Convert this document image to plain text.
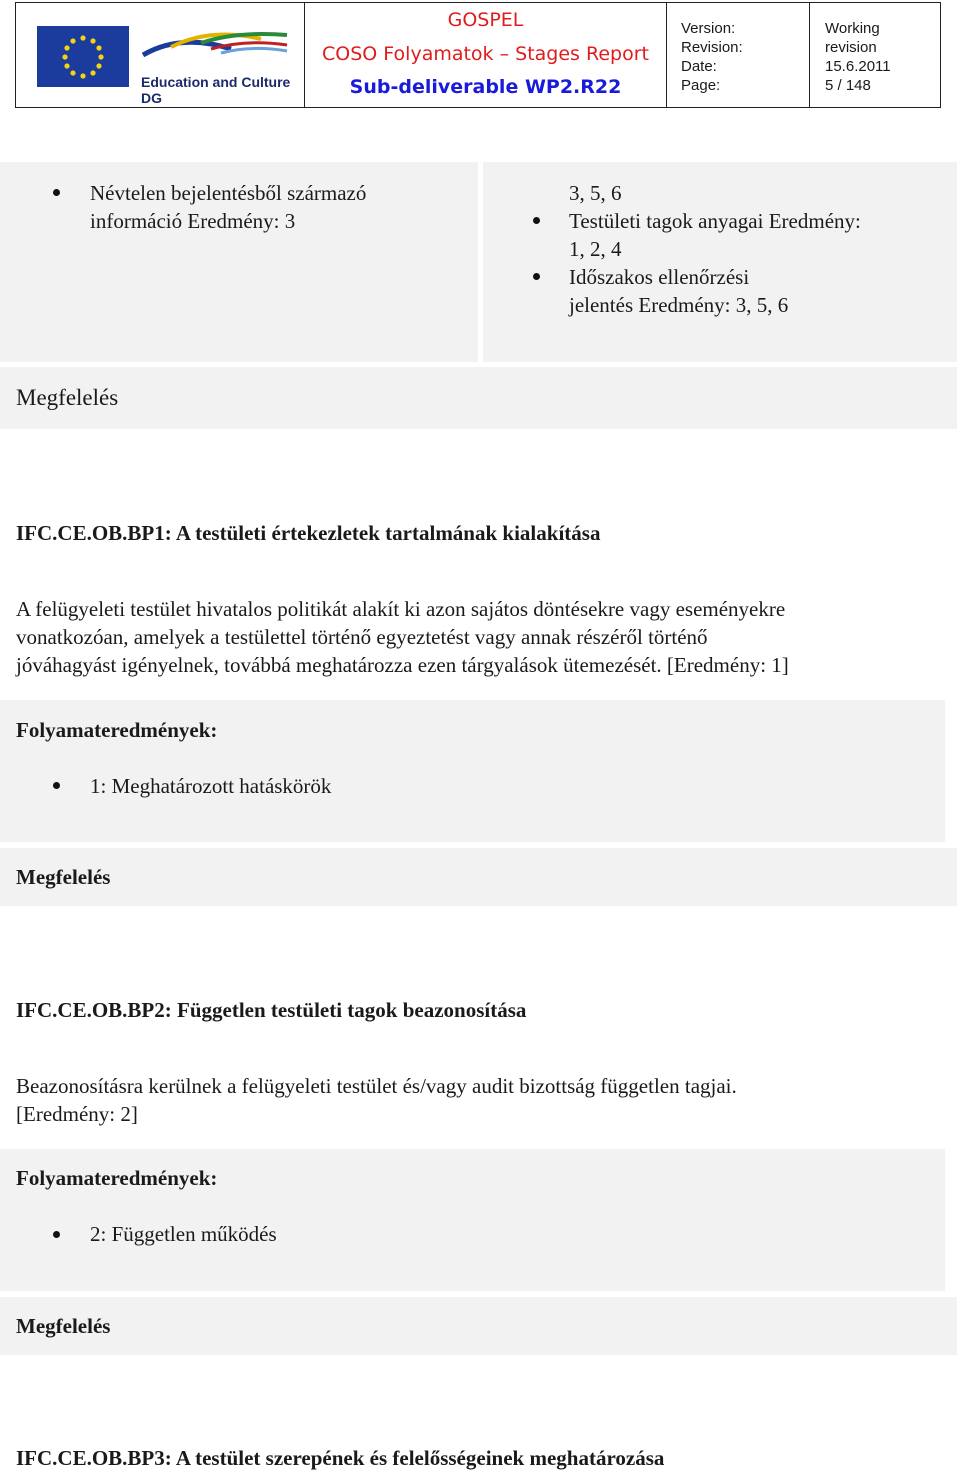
Education and Culture DG
GOSPEL
COSO Folyamatok – Stages Report
Sub-deliverable WP2.R22
Version:
Revision:
Date:
Page:
Working
revision
15.6.2011
5 / 148
Névtelen bejelentésből származó
információ Eredmény: 3
3, 5, 6
Testületi tagok anyagai Eredmény:
1, 2, 4
Időszakos ellenőrzési
jelentés Eredmény: 3, 5, 6
Megfelelés
IFC.CE.OB.BP1: A testületi értekezletek tartalmának kialakítása
A felügyeleti testület hivatalos politikát alakít ki azon sajátos döntésekre vagy eseményekre
vonatkozóan, amelyek a testülettel történő egyeztetést vagy annak részéről történő
jóváhagyást igényelnek, továbbá meghatározza ezen tárgyalások ütemezését. [Eredmény: 1]
Folyamateredmények:
1: Meghatározott hatáskörök
Megfelelés
IFC.CE.OB.BP2: Független testületi tagok beazonosítása
Beazonosításra kerülnek a felügyeleti testület és/vagy audit bizottság független tagjai.
[Eredmény: 2]
Folyamateredmények:
2: Független működés
Megfelelés
IFC.CE.OB.BP3: A testület szerepének és felelősségeinek meghatározása
